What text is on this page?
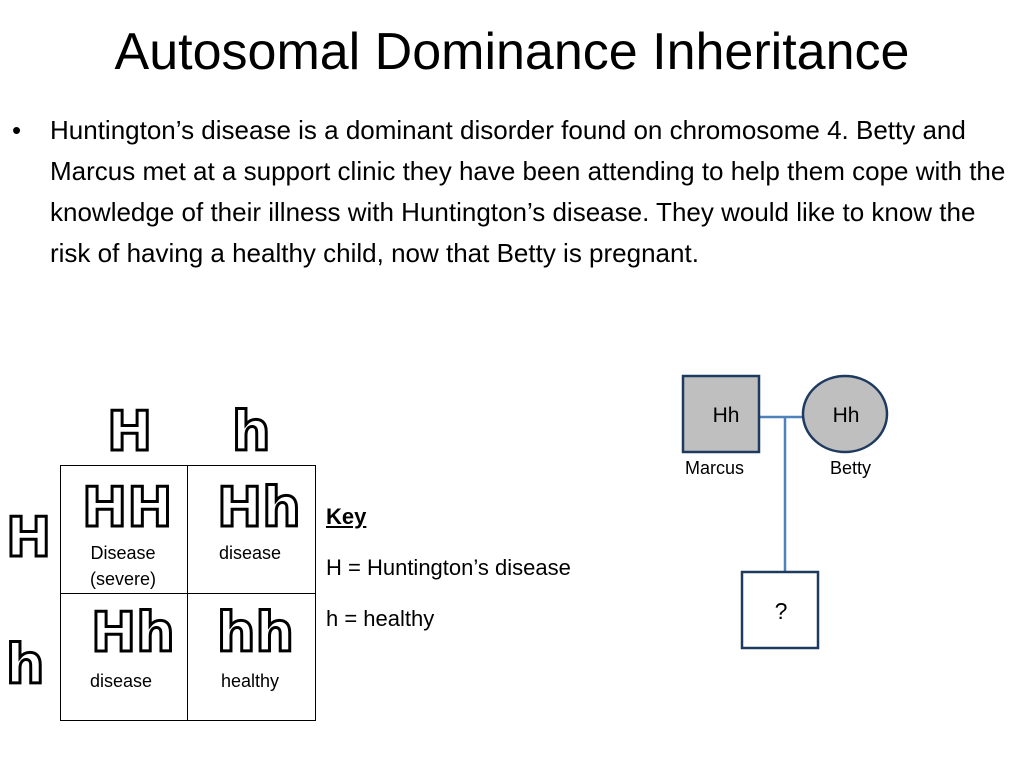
Autosomal Dominance Inheritance
• Huntington’s disease is a dominant disorder found on chromosome 4. Betty and Marcus met at a support clinic they have been attending to help them cope with the knowledge of their illness with Huntington’s disease. They would like to know the risk of having a healthy child, now that Betty is pregnant.
H h
H
h
HH
Disease
(severe)
Hh
disease
Hh
disease
hh
healthy
Key
H = Huntington’s disease
h = healthy
Hh	Hh
?
Marcus	Betty
